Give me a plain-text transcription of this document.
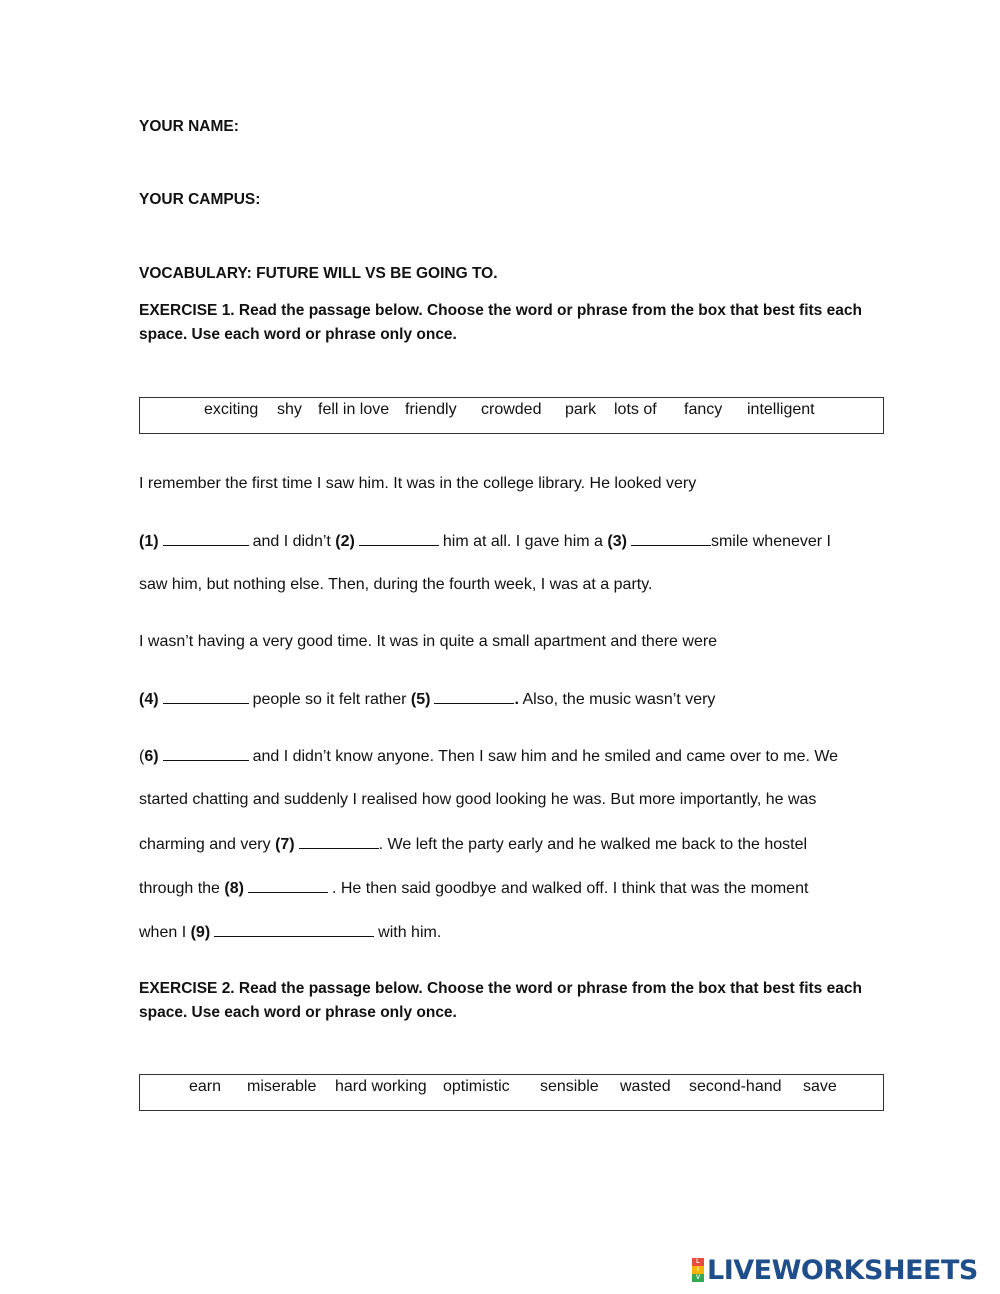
YOUR NAME:
YOUR CAMPUS:
VOCABULARY: FUTURE WILL VS BE GOING TO.
EXERCISE 1. Read the passage below. Choose the word or phrase from the box that best fits each
space. Use each word or phrase only once.
exciting shy fell in love friendly crowded park lots of fancy intelligent
I remember the first time I saw him. It was in the college library. He looked very
(1)	and I didn’t (2)	him at all. I gave him a (3)	smile whenever I
saw him, but nothing else. Then, during the fourth week, I was at a party.
I wasn’t having a very good time. It was in quite a small apartment and there were
(4)	people so it felt rather (5)	. Also, the music wasn’t very
(6)	and I didn’t know anyone. Then I saw him and he smiled and came over to me. We
started chatting and suddenly I realised how good looking he was. But more importantly, he was
charming and very (7)	. We left the party early and he walked me back to the hostel
through the (8)	. He then said goodbye and walked off. I think that was the moment
when I (9)	with him.
EXERCISE 2. Read the passage below. Choose the word or phrase from the box that best fits each
space. Use each word or phrase only once.
earn miserable hard working optimistic sensible wasted second-hand save
L
I
V LIVEWORKSHEETS
